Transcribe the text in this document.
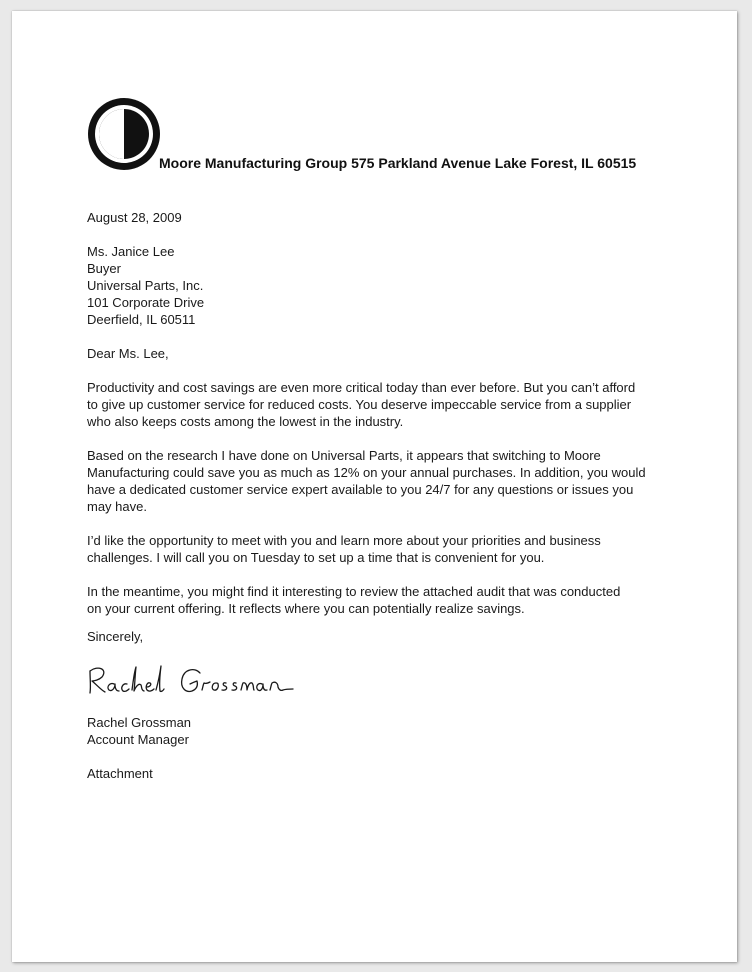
Moore Manufacturing Group 575 Parkland Avenue Lake Forest, IL 60515
August 28, 2009
Ms. Janice Lee
Buyer
Universal Parts, Inc.
101 Corporate Drive
Deerfield, IL 60511
Dear Ms. Lee,
Productivity and cost savings are even more critical today than ever before. But you can’t afford
to give up customer service for reduced costs. You deserve impeccable service from a supplier
who also keeps costs among the lowest in the industry.
Based on the research I have done on Universal Parts, it appears that switching to Moore
Manufacturing could save you as much as 12% on your annual purchases. In addition, you would
have a dedicated customer service expert available to you 24/7 for any questions or issues you
may have.
I’d like the opportunity to meet with you and learn more about your priorities and business
challenges. I will call you on Tuesday to set up a time that is convenient for you.
In the meantime, you might find it interesting to review the attached audit that was conducted
on your current offering. It reflects where you can potentially realize savings.
Sincerely,
Rachel Grossman
Account Manager
Attachment
